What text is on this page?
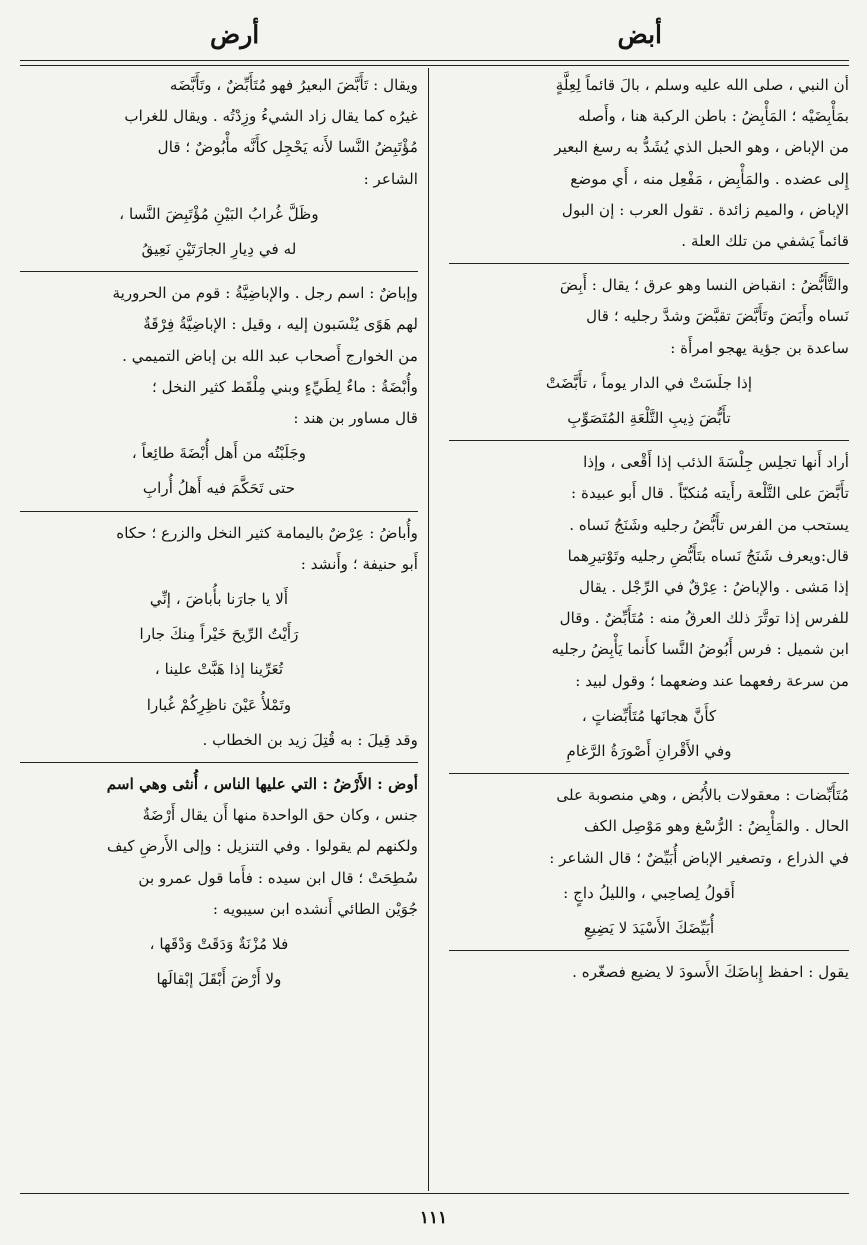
أبض
أرض

أن النبي ، صلى الله عليه وسلم ، بالَ قائماً لِعِلَّةٍ

بمَأْبِضَيْه ؛ المَأْبِضُ : باطن الركبة هنا ، وأَصله

من الإباض ، وهو الحبل الذي يُشَدُّ به رسغ البعير

إِلى عضده . والمَأْبِض ، مَفْعِل منه ، أَي موضع

الإباض ، والميم زائدة . تقول العرب : إن البول

قائماً يَشفي من تلك العلة .

والتَّأَبُّضُ : انقباض النسا وهو عرق ؛ يقال : أَبِضَ

نَساه وأَبَضَ وتَأَبَّضَ تقبَّضَ وشدَّ رجليه ؛ قال

ساعدة بن جؤية يهجو امرأَة :

إذا جلَسَتْ في الدار يوماً ، تأَبَّضَتْ

تأَبُّضَ ذِيبِ التَّلْعَةِ المُتَصَوِّبِ

أراد أَنها تجلِس جِلْسَةَ الذئب إذا أَقْعى ، وإذا

تأَبَّضَ على التَّلْعة رأَيته مُنكبّاً . قال أَبو عبيدة :

يستحب من الفرس تأَبُّضُ رجليه وشَنَجُ نَساه .

قال:ويعرف شَنَجُ نَساه بتَأَبُّضِ رجليه وتَوْتيرِهما

إذا مَشى . والإباضُ : عِرْقٌ في الرِّجْل . يقال

للفرس إذا توتَّرَ ذلك العرقُ منه : مُتَأَبِّضٌ . وقال

ابن شميل : فرس أَبُوضُ النَّسا كأَنما يَأْبِضُ رجليه

من سرعة رفعهما عند وضعهما ؛ وقول لبيد :

كأَنَّ هجانَها مُتَأَبِّضاتٍ ،

وفي الأَقْرانِ أَصْورَةُ الرَّغامِ

مُتَأَبِّضات : معقولات بالأُبُض ، وهي منصوبة على

الحال . والمَأْبِضُ : الرُّسْغ وهو مَوْصِل الكف

في الذراع ، وتصغير الإباض أُبَيِّضٌ ؛ قال الشاعر :

أَقولُ لِصاحِبي ، والليلُ داجٍ :

أُبَيِّضَكَ الأَسْيَدَ لا يَضِيعِ

يقول : احفظ إِباضَكَ الأَسودَ لا يضيع فصغّره .

ويقال : تَأَبَّضَ البعيرُ فهو مُتَأَبِّضٌ ، وتَأَبَّضَه

غيرُه كما يقال زاد الشيءُ وزِدْتُه . ويقال للغراب

مُؤْتَبِضُ النَّسا لأَنه يَحْجِل كأَنَّه مأْبُوضٌ ؛ قال

الشاعر :

وظَلَّ غُرابُ البَيْنِ مُؤْتَبِضَ النَّسا ،

له في دِيارِ الجارَتَيْنِ نَعِيقُ

وإباضٌ : اسم رجل . والإباضِيَّةُ : قوم من الحرورية

لهم هَوًى يُنْسَبون إليه ، وقيل : الإباضِيَّةُ فِرْقَةٌ

من الخوارج أَصحاب عبد الله بن إباض التميمي .

وأُبْضَةُ : ماءٌ لِطَيِّءٍ وبني مِلْقَط كثير النخل ؛

قال مساور بن هند :

وجَلَبْتُه من أَهل أُبْضَةَ طائِعاً ،

حتى تَحَكَّمَ فيه أَهلُ أُرابِ

وأُباضُ : عِرْضٌ باليمامة كثير النخل والزرع ؛ حكاه

أَبو حنيفة ؛ وأَنشد :

أَلا يا جارَنا بأُباضَ ، إنِّي

رَأَيْتُ الرِّيحَ خَيْراً مِنكَ جارا

تُعَرِّينا إذا هَبَّتْ علينا ،

وتَمْلأُ عَيْنَ ناظِرِكُمْ غُبارا

وقد قِيلَ : به قُتِلَ زيد بن الخطاب .

أوض : الأَرْضُ : التي عليها الناس ، أُنثى وهي اسم

جنس ، وكان حق الواحدة منها أَن يقال أَرْضَةٌ

ولكنهم لم يقولوا . وفي التنزيل : وإلى الأَرضِ كيف

سُطِحَتْ ؛ قال ابن سيده : فأَما قول عمرو بن

جُوَيْن الطائي أَنشده ابن سيبويه :

فلا مُزْنَةٌ وَدَقَتْ وَدْقَها ،

ولا أَرْضَ أَبْقَلَ إبْقالَها

١١١
